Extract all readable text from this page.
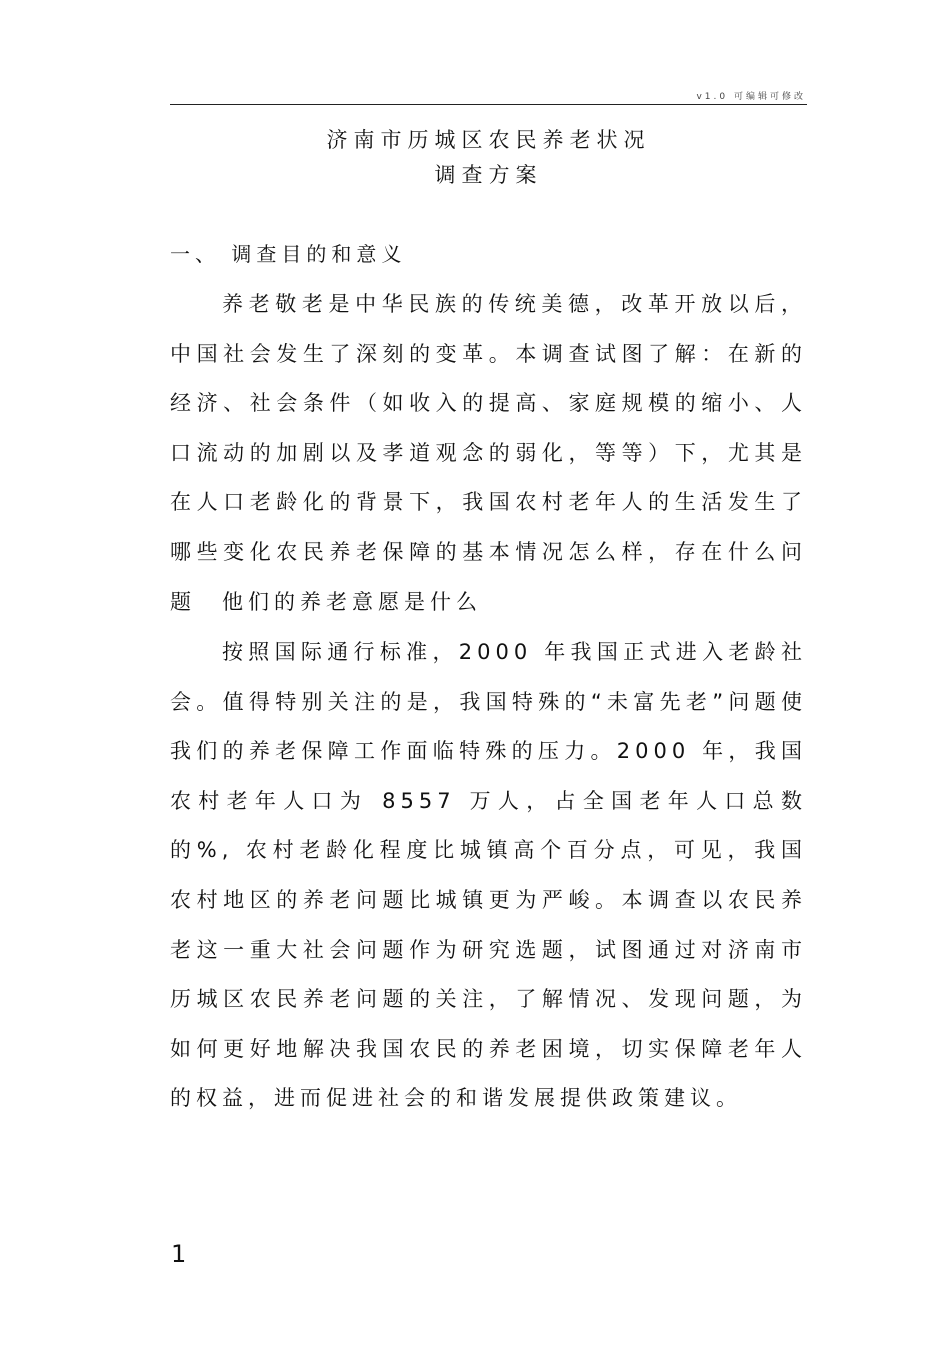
v1.0 可编辑可修改
济南市历城区农民养老状况
调查方案
一、 调查目的和意义

养老敬老是中华民族的传统美德，改革开放以后，中国社会发生了深刻的变革。本调查试图了解：在新的经济、社会条件（如收入的提高、家庭规模的缩小、人口流动的加剧以及孝道观念的弱化，等等）下，尤其是在人口老龄化的背景下，我国农村老年人的生活发生了哪些变化农民养老保障的基本情况怎么样，存在什么问题　他们的养老意愿是什么

按照国际通行标准，2000 年我国正式进入老龄社会。值得特别关注的是，我国特殊的“未富先老”问题使我们的养老保障工作面临特殊的压力。2000 年，我国农村老年人口为 8557 万人，占全国老年人口总数的%, 农村老龄化程度比城镇高个百分点，可见，我国农村地区的养老问题比城镇更为严峻。本调查以农民养老这一重大社会问题作为研究选题，试图通过对济南市历城区农民养老问题的关注，了解情况、发现问题，为如何更好地解决我国农民的养老困境，切实保障老年人的权益，进而促进社会的和谐发展提供政策建议。

1
